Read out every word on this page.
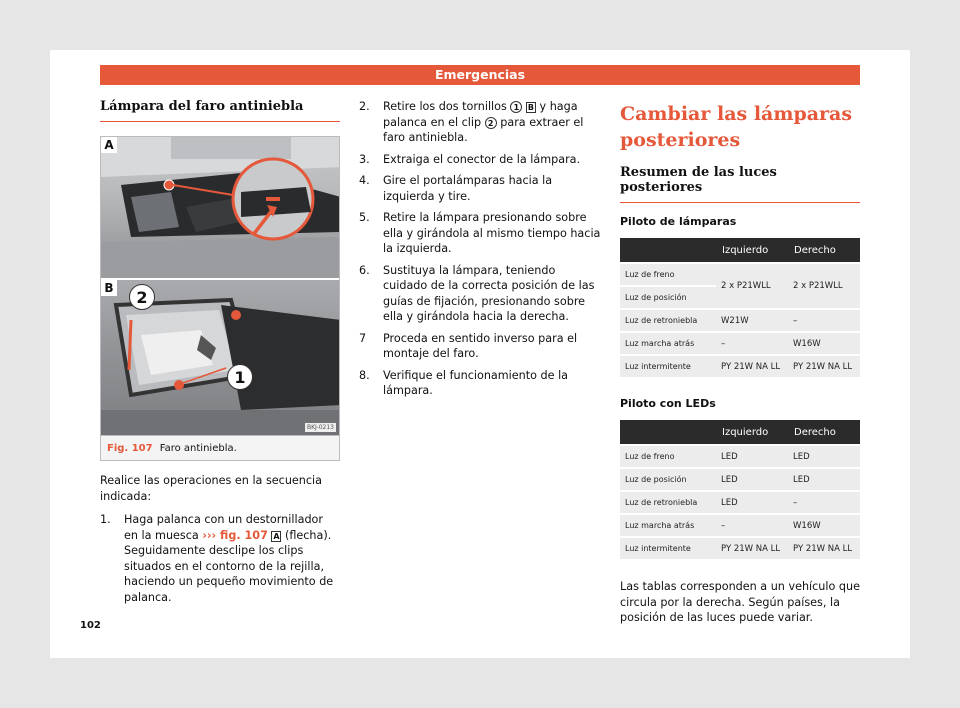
Emergencias
Lámpara del faro antiniebla
A
B	2
1
BKJ-0213
Fig. 107 Faro antiniebla.

Realice las operaciones en la secuencia indicada:

1. Haga palanca con un destornillador en la muesca ››› fig. 107 A (flecha). Seguidamente desclipe los clips situados en el contorno de la rejilla, haciendo un pequeño movimiento de palanca.
2. Retire los dos tornillos 1 B y haga palanca en el clip 2 para extraer el faro antiniebla.
3. Extraiga el conector de la lámpara.
4. Gire el portalámparas hacia la izquierda y tire.
5. Retire la lámpara presionando sobre ella y girándola al mismo tiempo hacia la izquierda.
6. Sustituya la lámpara, teniendo cuidado de la correcta posición de las guías de fijación, presionando sobre ella y girándola hacia la derecha.
7 Proceda en sentido inverso para el montaje del faro.
8. Verifique el funcionamiento de la lámpara.
Cambiar las lámparas posteriores
Resumen de las luces posteriores
Piloto de lámparas
	Izquierdo	Derecho
Luz de freno	2 x P21WLL	2 x P21WLL
Luz de posición		
Luz de retroniebla	W21W	–
Luz marcha atrás	–	W16W
Luz intermitente	PY 21W NA LL	PY 21W NA LL
Piloto con LEDs
	Izquierdo	Derecho
Luz de freno	LED	LED
Luz de posición	LED	LED
Luz de retroniebla	LED	–
Luz marcha atrás	–	W16W
Luz intermitente	PY 21W NA LL	PY 21W NA LL

Las tablas corresponden a un vehículo que circula por la derecha. Según países, la posición de las luces puede variar.

102
